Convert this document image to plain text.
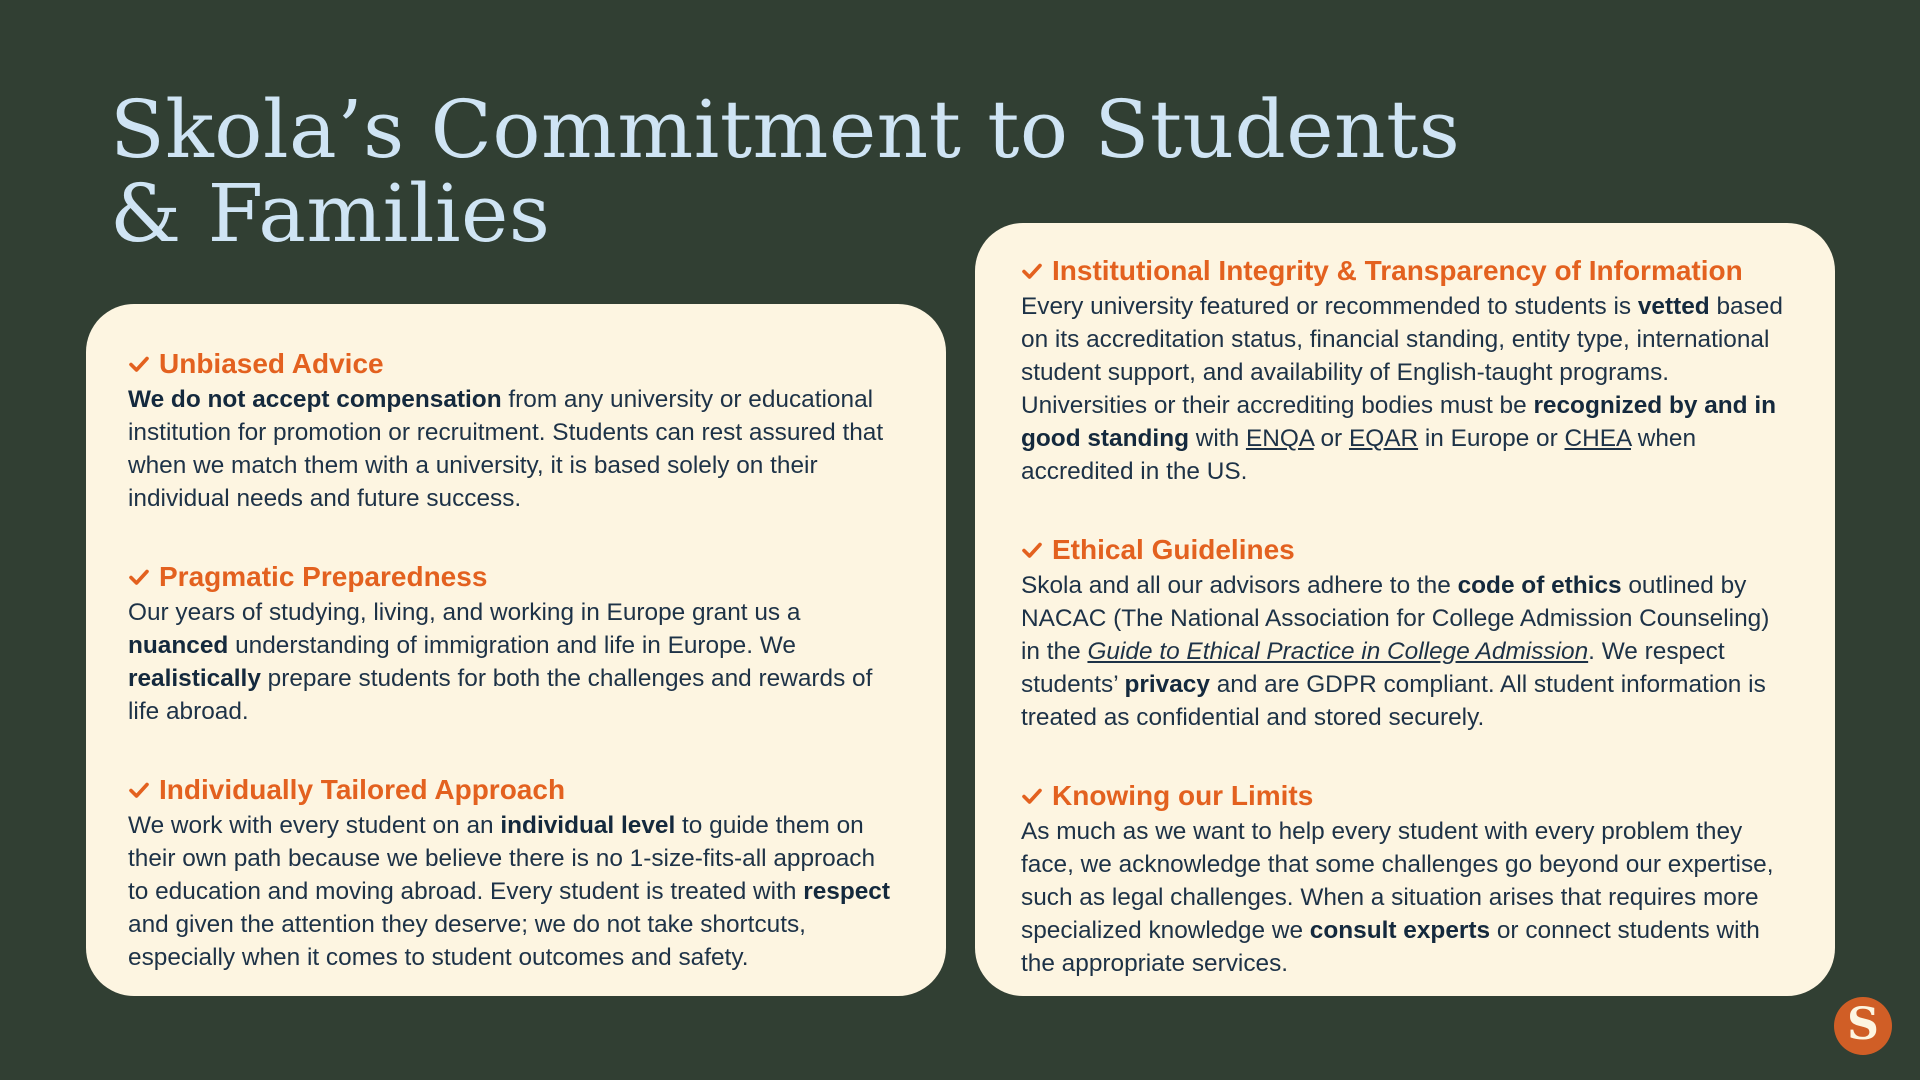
Skola’s Commitment to Students & Families
Unbiased Advice
We do not accept compensation from any university or educational institution for promotion or recruitment. Students can rest assured that when we match them with a university, it is based solely on their individual needs and future success.
Pragmatic Preparedness
Our years of studying, living, and working in Europe grant us a nuanced understanding of immigration and life in Europe. We realistically prepare students for both the challenges and rewards of life abroad.
Individually Tailored Approach
We work with every student on an individual level to guide them on their own path because we believe there is no 1-size-fits-all approach to education and moving abroad. Every student is treated with respect and given the attention they deserve; we do not take shortcuts, especially when it comes to student outcomes and safety.
Institutional Integrity & Transparency of Information
Every university featured or recommended to students is vetted based on its accreditation status, financial standing, entity type, international student support, and availability of English-taught programs. Universities or their accrediting bodies must be recognized by and in good standing with ENQA or EQAR in Europe or CHEA when accredited in the US.
Ethical Guidelines
Skola and all our advisors adhere to the code of ethics outlined by NACAC (The National Association for College Admission Counseling) in the Guide to Ethical Practice in College Admission. We respect students’ privacy and are GDPR compliant. All student information is treated as confidential and stored securely.
Knowing our Limits
As much as we want to help every student with every problem they face, we acknowledge that some challenges go beyond our expertise, such as legal challenges. When a situation arises that requires more specialized knowledge we consult experts or connect students with the appropriate services.
S
